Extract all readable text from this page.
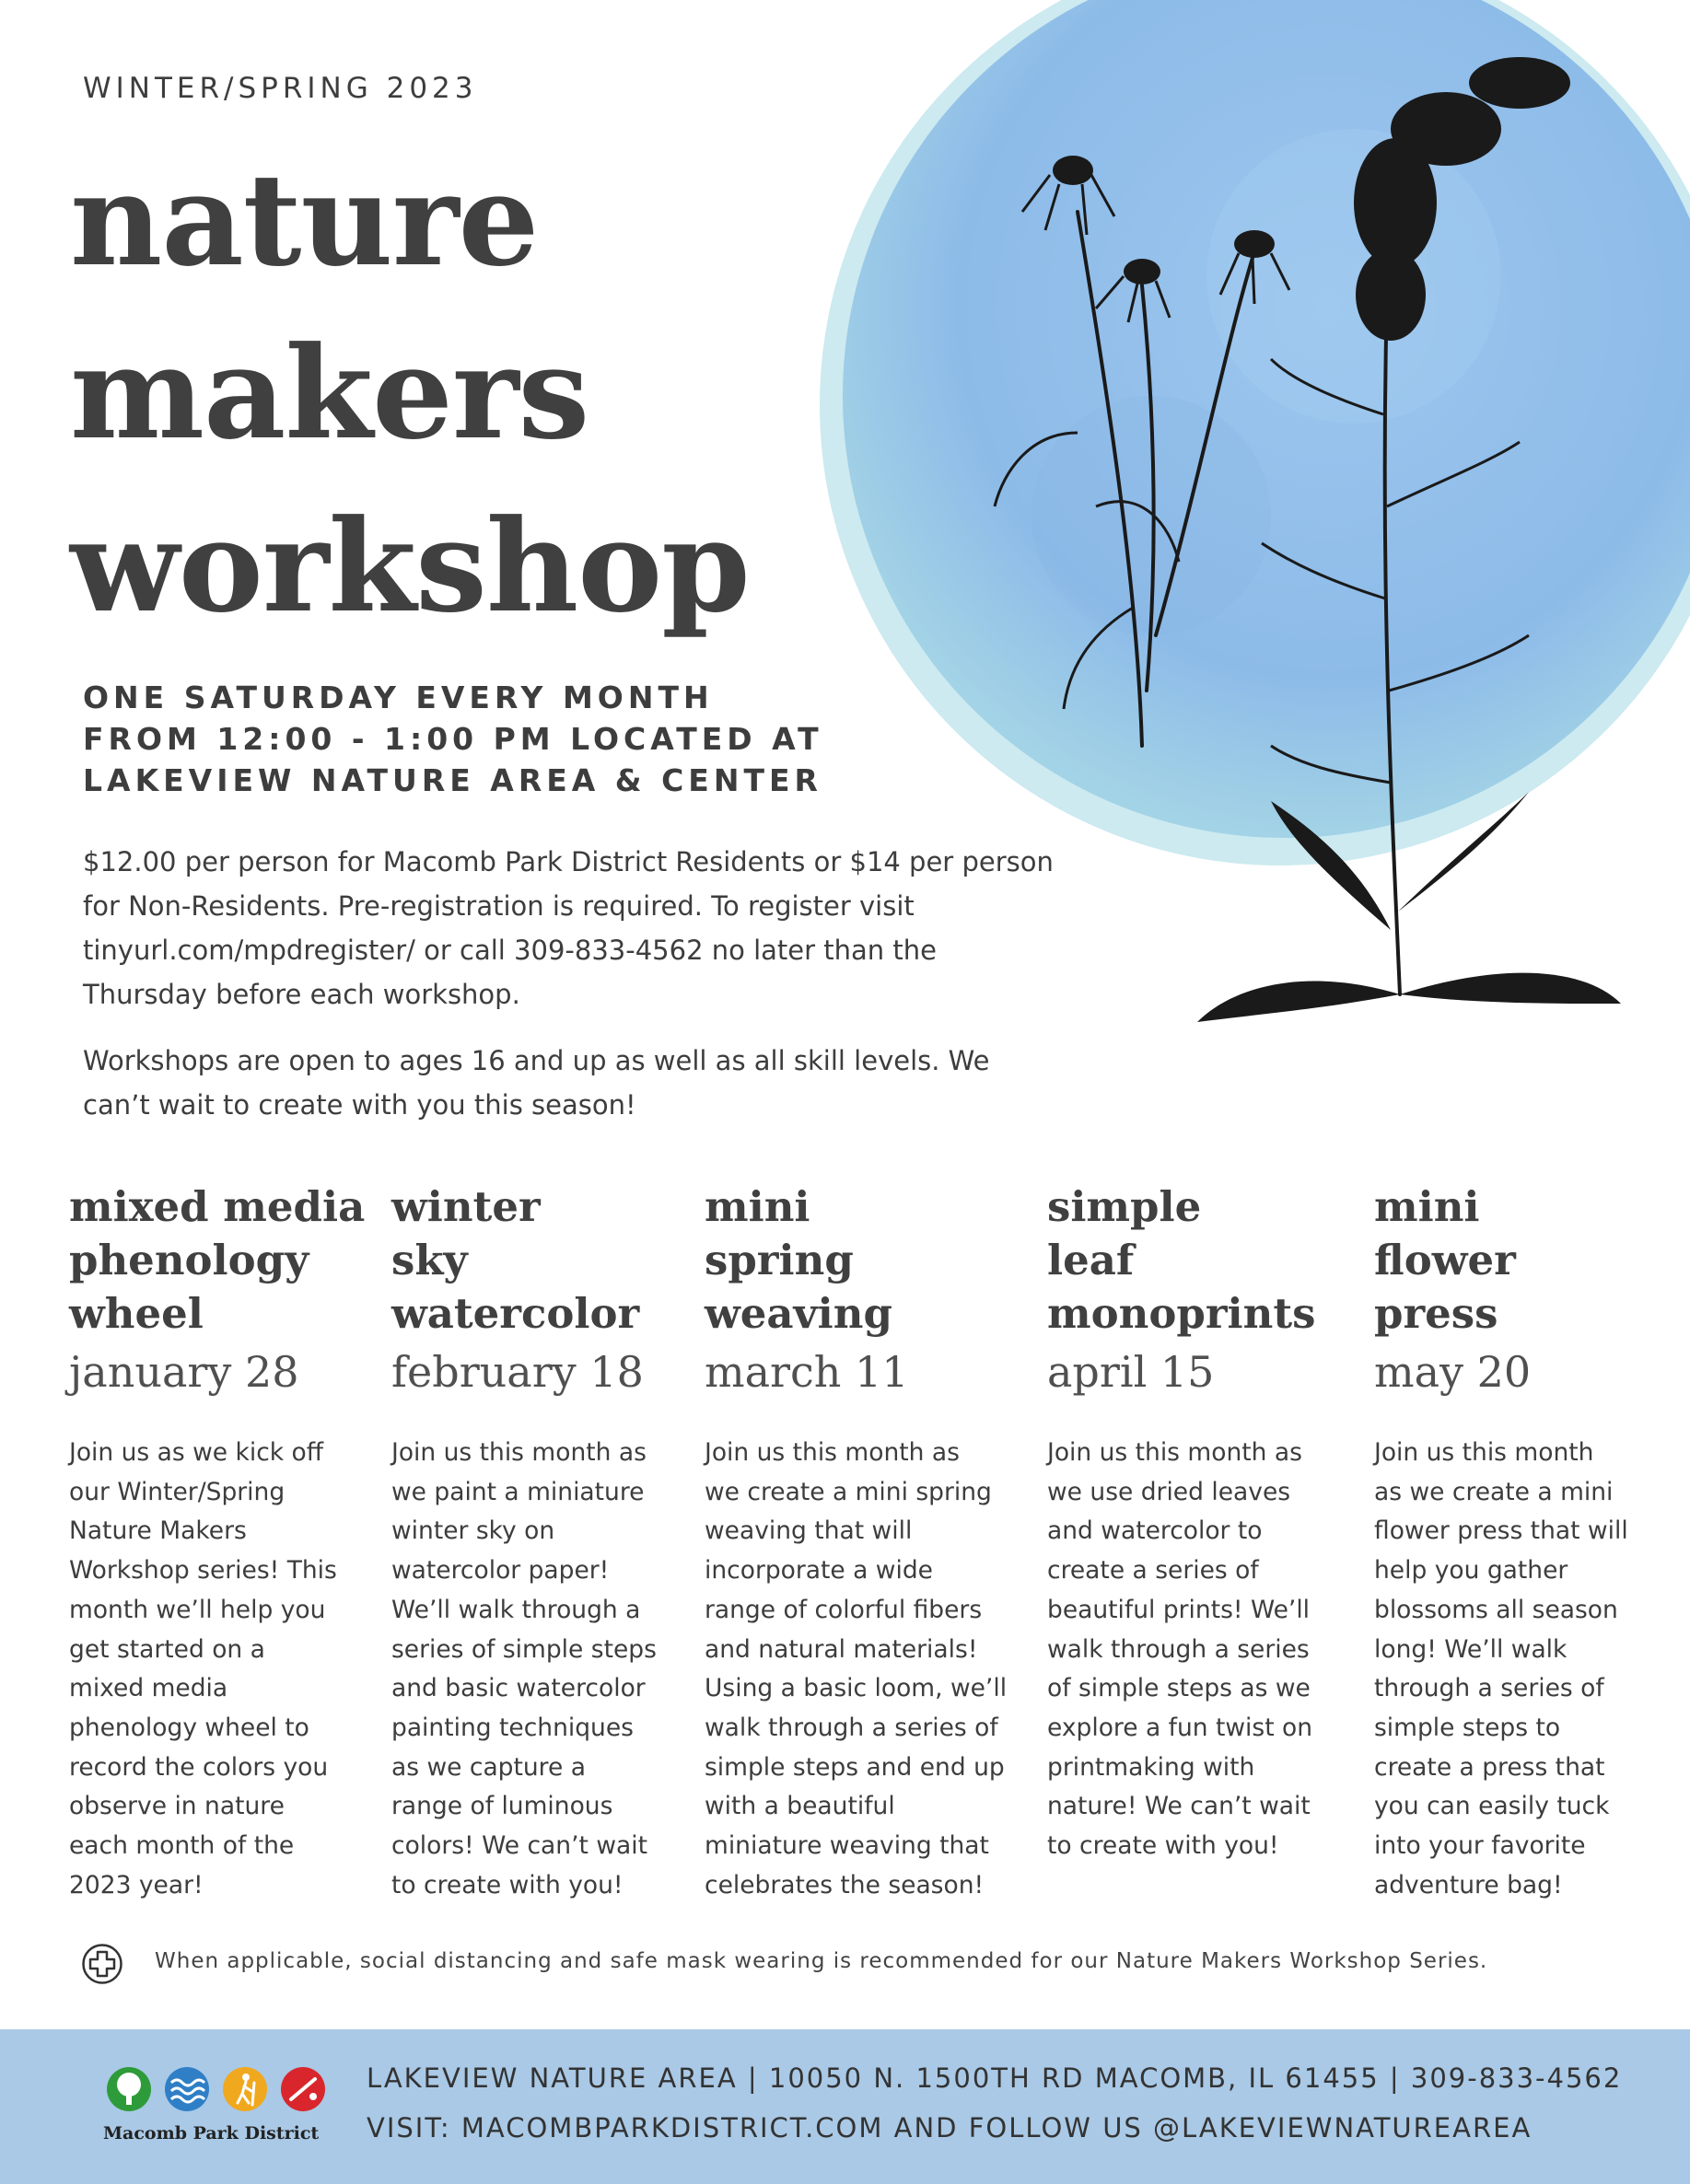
WINTER/SPRING 2023
nature
makers
workshop
ONE SATURDAY EVERY MONTH
FROM 12:00 - 1:00 PM LOCATED AT
LAKEVIEW NATURE AREA & CENTER
$12.00 per person for Macomb Park District Residents or $14 per person for Non-Residents. Pre-registration is required. To register visit tinyurl.com/mpdregister/ or call 309-833-4562 no later than the Thursday before each workshop.
Workshops are open to ages 16 and up as well as all skill levels. We can’t wait to create with you this season!
mixed media
phenology
wheel
january 28
Join us as we kick off
our Winter/Spring
Nature Makers
Workshop series! This
month we’ll help you
get started on a
mixed media
phenology wheel to
record the colors you
observe in nature
each month of the
2023 year!
winter
sky
watercolor
february 18
Join us this month as
we paint a miniature
winter sky on
watercolor paper!
We’ll walk through a
series of simple steps
and basic watercolor
painting techniques
as we capture a
range of luminous
colors! We can’t wait
to create with you!
mini
spring
weaving
march 11
Join us this month as
we create a mini spring
weaving that will
incorporate a wide
range of colorful fibers
and natural materials!
Using a basic loom, we’ll
walk through a series of
simple steps and end up
with a beautiful
miniature weaving that
celebrates the season!
simple
leaf
monoprints
april 15
Join us this month as
we use dried leaves
and watercolor to
create a series of
beautiful prints! We’ll
walk through a series
of simple steps as we
explore a fun twist on
printmaking with
nature! We can’t wait
to create with you!
mini
flower
press
may 20
Join us this month
as we create a mini
flower press that will
help you gather
blossoms all season
long! We’ll walk
through a series of
simple steps to
create a press that
you can easily tuck
into your favorite
adventure bag!
When applicable, social distancing and safe mask wearing is recommended for our Nature Makers Workshop Series.
Macomb Park District
LAKEVIEW NATURE AREA | 10050 N. 1500TH RD MACOMB, IL 61455 | 309-833-4562
VISIT: MACOMBPARKDISTRICT.COM AND FOLLOW US @LAKEVIEWNATUREAREA
